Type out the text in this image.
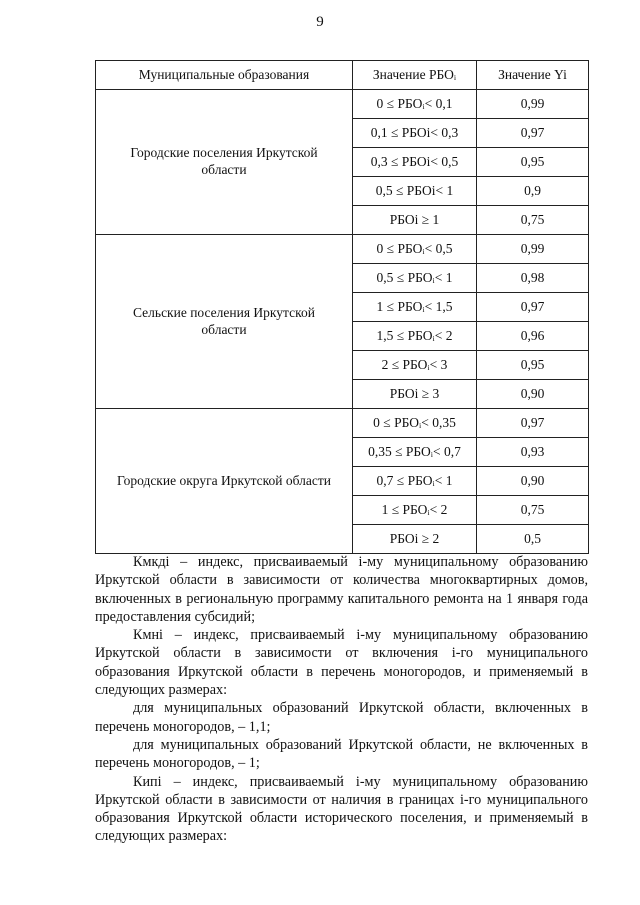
9
Муниципальные образования	Значение РБОᵢ	Значение Yi
Городские поселения Иркутской области	0 ≤ РБОᵢ< 0,1	0,99
	0,1 ≤ РБОi< 0,3	0,97
	0,3 ≤ РБОi< 0,5	0,95
	0,5 ≤ РБОi< 1	0,9
	РБОi ≥ 1	0,75
Сельские поселения Иркутской области	0 ≤ РБОᵢ< 0,5	0,99
	0,5 ≤ РБОᵢ< 1	0,98
	1 ≤ РБОᵢ< 1,5	0,97
	1,5 ≤ РБОᵢ< 2	0,96
	2 ≤ РБОᵢ< 3	0,95
	РБОi ≥ 3	0,90
Городские округа Иркутской области	0 ≤ РБОᵢ< 0,35	0,97
	0,35 ≤ РБОᵢ< 0,7	0,93
	0,7 ≤ РБОᵢ< 1	0,90
	1 ≤ РБОᵢ< 2	0,75
	РБОi ≥ 2	0,5

Кмкдi – индекс, присваиваемый i-му муниципальному образованию Иркутской области в зависимости от количества многоквартирных домов, включенных в региональную программу капитального ремонта на 1 января года предоставления субсидий;

Кмнi – индекс, присваиваемый i-му муниципальному образованию Иркутской области в зависимости от включения i-го муниципального образования Иркутской области в перечень моногородов, и применяемый в следующих размерах:

для муниципальных образований Иркутской области, включенных в перечень моногородов, – 1,1;

для муниципальных образований Иркутской области, не включенных в перечень моногородов, – 1;

Кипi – индекс, присваиваемый i-му муниципальному образованию Иркутской области в зависимости от наличия в границах i-го муниципального образования Иркутской области исторического поселения, и применяемый в следующих размерах:
